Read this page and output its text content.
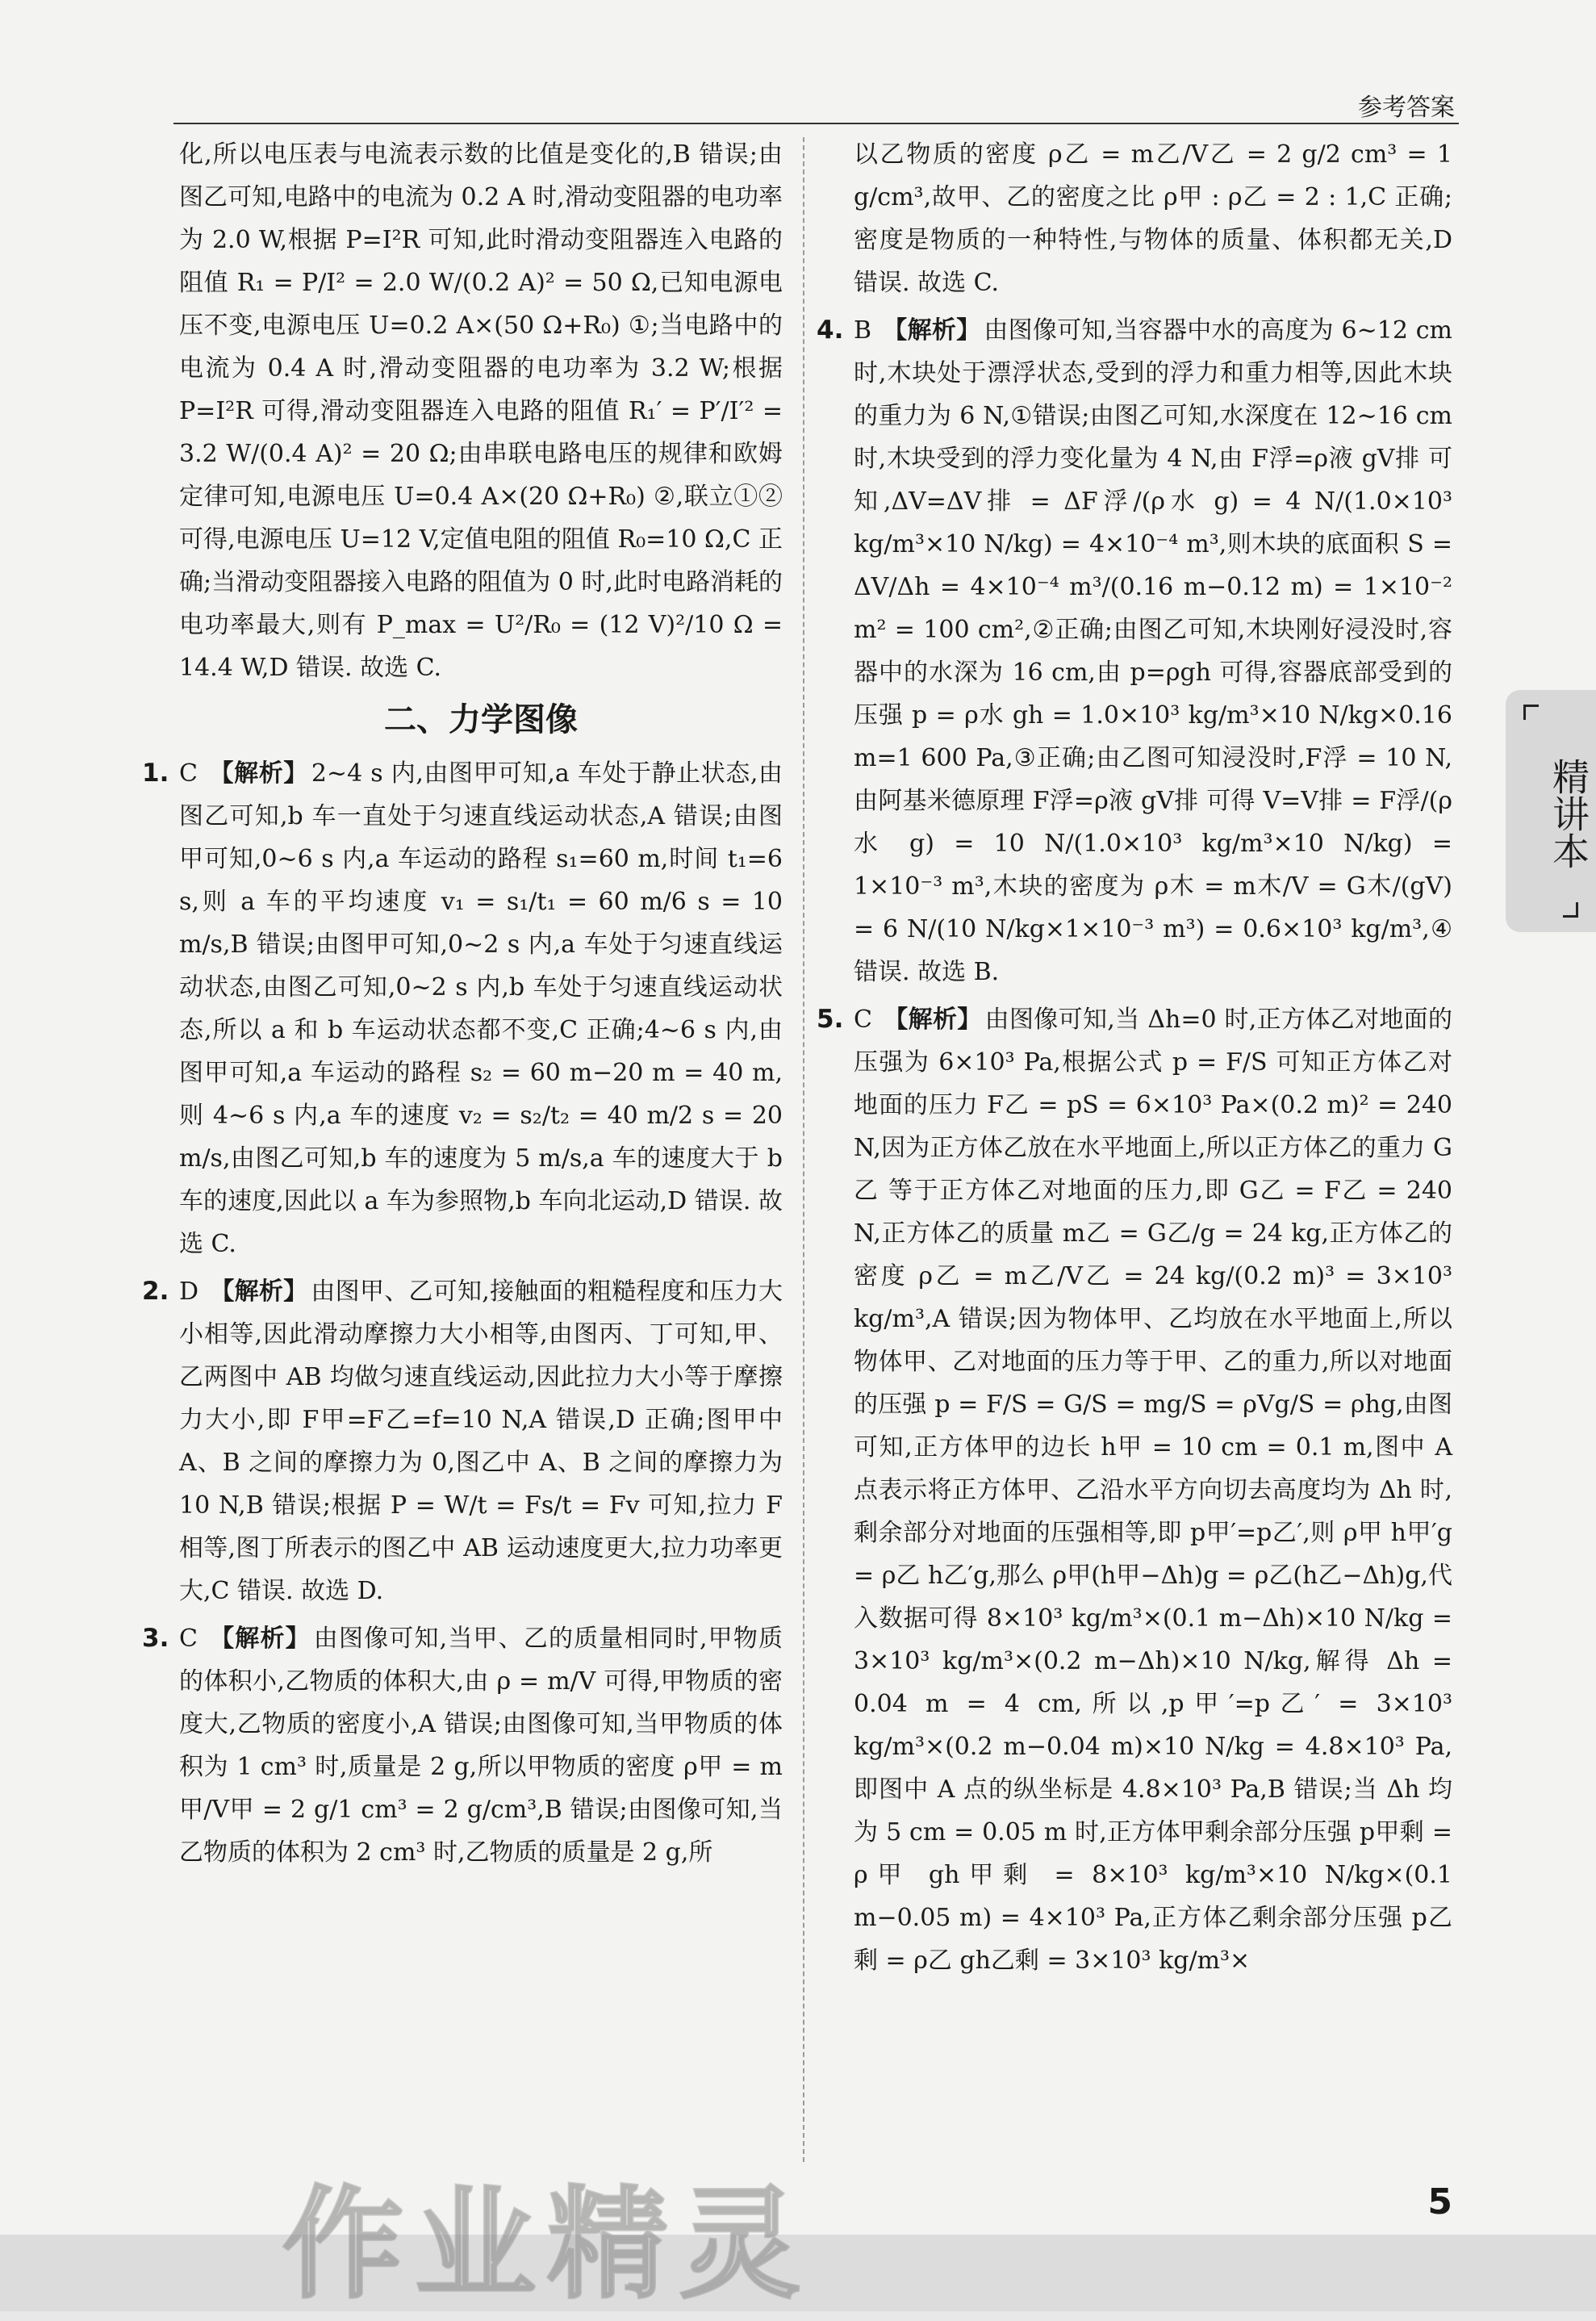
参考答案

化,所以电压表与电流表示数的比值是变化的,B 错误;由图乙可知,电路中的电流为 0.2 A 时,滑动变阻器的电功率为 2.0 W,根据 P=I²R 可知,此时滑动变阻器连入电路的阻值 R₁ = P/I² = 2.0 W/(0.2 A)² = 50 Ω,已知电源电压不变,电源电压 U=0.2 A×(50 Ω+R₀) ①;当电路中的电流为 0.4 A 时,滑动变阻器的电功率为 3.2 W;根据 P=I²R 可得,滑动变阻器连入电路的阻值 R₁′ = P′/I′² = 3.2 W/(0.4 A)² = 20 Ω;由串联电路电压的规律和欧姆定律可知,电源电压 U=0.4 A×(20 Ω+R₀) ②,联立①②可得,电源电压 U=12 V,定值电阻的阻值 R₀=10 Ω,C 正确;当滑动变阻器接入电路的阻值为 0 时,此时电路消耗的电功率最大,则有 P_max = U²/R₀ = (12 V)²/10 Ω = 14.4 W,D 错误. 故选 C.

二、力学图像

1. C 【解析】 2~4 s 内,由图甲可知,a 车处于静止状态,由图乙可知,b 车一直处于匀速直线运动状态,A 错误;由图甲可知,0~6 s 内,a 车运动的路程 s₁=60 m,时间 t₁=6 s,则 a 车的平均速度 v₁ = s₁/t₁ = 60 m/6 s = 10 m/s,B 错误;由图甲可知,0~2 s 内,a 车处于匀速直线运动状态,由图乙可知,0~2 s 内,b 车处于匀速直线运动状态,所以 a 和 b 车运动状态都不变,C 正确;4~6 s 内,由图甲可知,a 车运动的路程 s₂ = 60 m−20 m = 40 m,则 4~6 s 内,a 车的速度 v₂ = s₂/t₂ = 40 m/2 s = 20 m/s,由图乙可知,b 车的速度为 5 m/s,a 车的速度大于 b 车的速度,因此以 a 车为参照物,b 车向北运动,D 错误. 故选 C.

2. D 【解析】 由图甲、乙可知,接触面的粗糙程度和压力大小相等,因此滑动摩擦力大小相等,由图丙、丁可知,甲、乙两图中 AB 均做匀速直线运动,因此拉力大小等于摩擦力大小,即 F甲=F乙=f=10 N,A 错误,D 正确;图甲中 A、B 之间的摩擦力为 0,图乙中 A、B 之间的摩擦力为 10 N,B 错误;根据 P = W/t = Fs/t = Fv 可知,拉力 F 相等,图丁所表示的图乙中 AB 运动速度更大,拉力功率更大,C 错误. 故选 D.

3. C 【解析】 由图像可知,当甲、乙的质量相同时,甲物质的体积小,乙物质的体积大,由 ρ = m/V 可得,甲物质的密度大,乙物质的密度小,A 错误;由图像可知,当甲物质的体积为 1 cm³ 时,质量是 2 g,所以甲物质的密度 ρ甲 = m甲/V甲 = 2 g/1 cm³ = 2 g/cm³,B 错误;由图像可知,当乙物质的体积为 2 cm³ 时,乙物质的质量是 2 g,所

以乙物质的密度 ρ乙 = m乙/V乙 = 2 g/2 cm³ = 1 g/cm³,故甲、乙的密度之比 ρ甲 : ρ乙 = 2 : 1,C 正确;密度是物质的一种特性,与物体的质量、体积都无关,D 错误. 故选 C.

4. B 【解析】 由图像可知,当容器中水的高度为 6~12 cm 时,木块处于漂浮状态,受到的浮力和重力相等,因此木块的重力为 6 N,①错误;由图乙可知,水深度在 12~16 cm 时,木块受到的浮力变化量为 4 N,由 F浮=ρ液 gV排 可知,ΔV=ΔV排 = ΔF浮/(ρ水 g) = 4 N/(1.0×10³ kg/m³×10 N/kg) = 4×10⁻⁴ m³,则木块的底面积 S = ΔV/Δh = 4×10⁻⁴ m³/(0.16 m−0.12 m) = 1×10⁻² m² = 100 cm²,②正确;由图乙可知,木块刚好浸没时,容器中的水深为 16 cm,由 p=ρgh 可得,容器底部受到的压强 p = ρ水 gh = 1.0×10³ kg/m³×10 N/kg×0.16 m=1 600 Pa,③正确;由乙图可知浸没时,F浮 = 10 N,由阿基米德原理 F浮=ρ液 gV排 可得 V=V排 = F浮/(ρ水 g) = 10 N/(1.0×10³ kg/m³×10 N/kg) = 1×10⁻³ m³,木块的密度为 ρ木 = m木/V = G木/(gV) = 6 N/(10 N/kg×1×10⁻³ m³) = 0.6×10³ kg/m³,④错误. 故选 B.

5. C 【解析】 由图像可知,当 Δh=0 时,正方体乙对地面的压强为 6×10³ Pa,根据公式 p = F/S 可知正方体乙对地面的压力 F乙 = pS = 6×10³ Pa×(0.2 m)² = 240 N,因为正方体乙放在水平地面上,所以正方体乙的重力 G乙 等于正方体乙对地面的压力,即 G乙 = F乙 = 240 N,正方体乙的质量 m乙 = G乙/g = 24 kg,正方体乙的密度 ρ乙 = m乙/V乙 = 24 kg/(0.2 m)³ = 3×10³ kg/m³,A 错误;因为物体甲、乙均放在水平地面上,所以物体甲、乙对地面的压力等于甲、乙的重力,所以对地面的压强 p = F/S = G/S = mg/S = ρVg/S = ρhg,由图可知,正方体甲的边长 h甲 = 10 cm = 0.1 m,图中 A 点表示将正方体甲、乙沿水平方向切去高度均为 Δh 时,剩余部分对地面的压强相等,即 p甲′=p乙′,则 ρ甲 h甲′g = ρ乙 h乙′g,那么 ρ甲(h甲−Δh)g = ρ乙(h乙−Δh)g,代入数据可得 8×10³ kg/m³×(0.1 m−Δh)×10 N/kg = 3×10³ kg/m³×(0.2 m−Δh)×10 N/kg,解得 Δh = 0.04 m = 4 cm,所以,p甲′=p乙′ = 3×10³ kg/m³×(0.2 m−0.04 m)×10 N/kg = 4.8×10³ Pa,即图中 A 点的纵坐标是 4.8×10³ Pa,B 错误;当 Δh 均为 5 cm = 0.05 m 时,正方体甲剩余部分压强 p甲剩 = ρ甲 gh甲剩 = 8×10³ kg/m³×10 N/kg×(0.1 m−0.05 m) = 4×10³ Pa,正方体乙剩余部分压强 p乙剩 = ρ乙 gh乙剩 = 3×10³ kg/m³×

精讲本
作业精灵	5
